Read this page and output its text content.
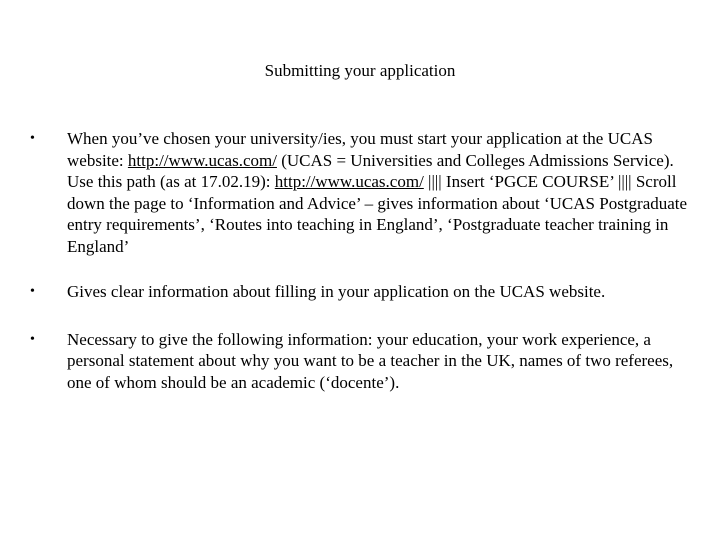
Submitting your application
• When you’ve chosen your university/ies, you must start your application at the UCAS website: http://www.ucas.com/ (UCAS = Universities and Colleges Admissions Service). Use this path (as at 17.02.19): http://www.ucas.com/ |||| Insert ‘PGCE COURSE’ |||| Scroll down the page to ‘Information and Advice’ – gives information about ‘UCAS Postgraduate entry requirements’, ‘Routes into teaching in England’, ‘Postgraduate teacher training in England’
• Gives clear information about filling in your application on the UCAS website.
• Necessary to give the following information: your education, your work experience, a personal statement about why you want to be a teacher in the UK, names of two referees, one of whom should be an academic (‘docente’).
